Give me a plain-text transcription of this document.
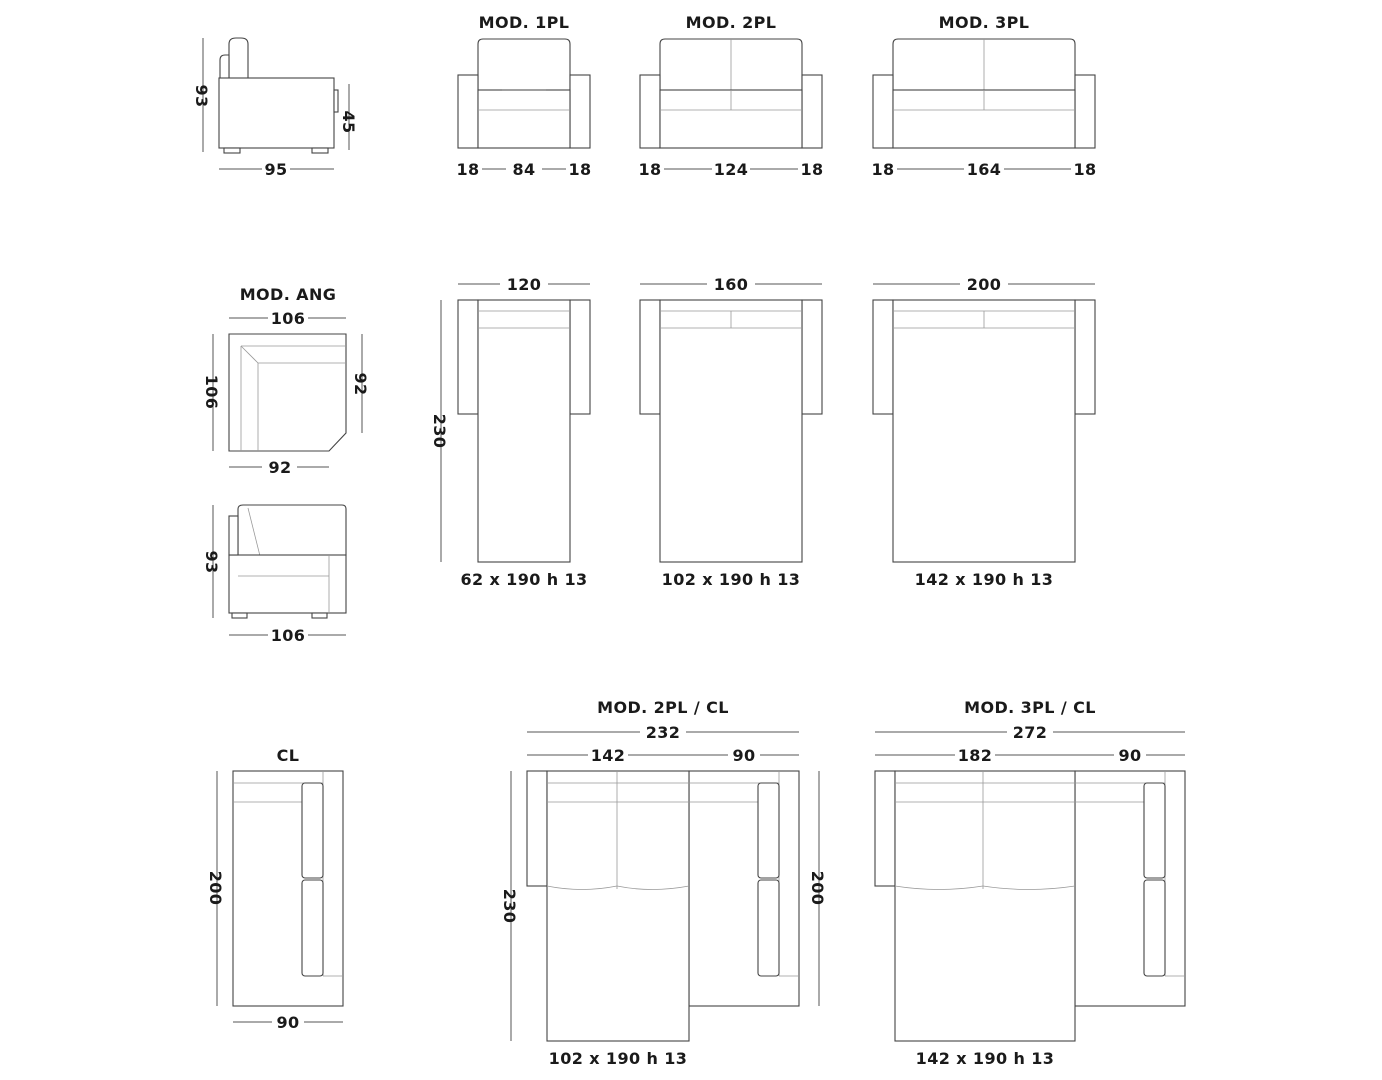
93
45
95
MOD. 1PL
18 84 18
MOD. 2PL
18	124	18
MOD. 3PL
18	164	18
MOD. ANG
106
106	92
92
93
106
120
62 x 190 h 13
230
160
102 x 190 h 13
200
142 x 190 h 13
CL
200
90
MOD. 2PL / CL
232
142	90
230
200
102 x 190 h 13
MOD. 3PL / CL
272
182	90
142 x 190 h 13
